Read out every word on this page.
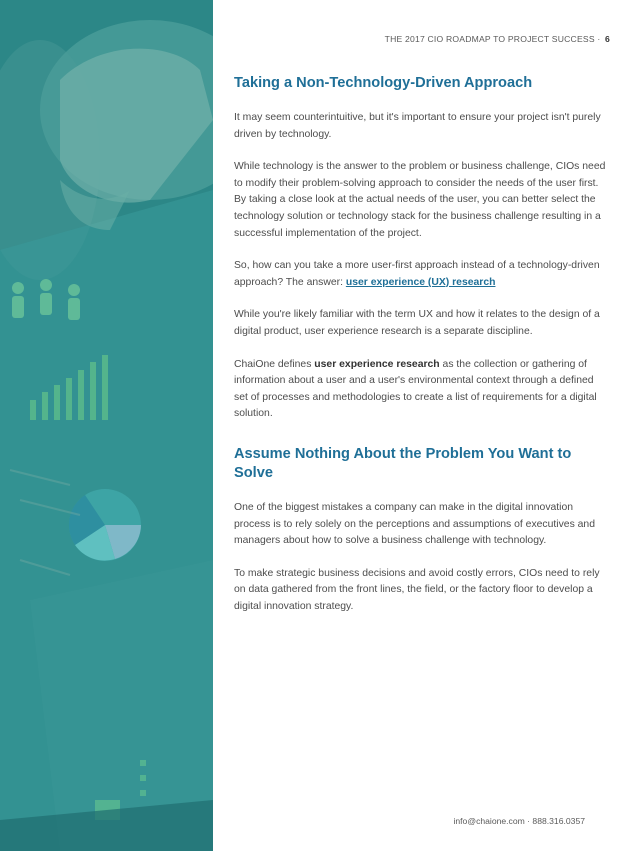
THE 2017 CIO ROADMAP TO PROJECT SUCCESS · 6
Taking a Non-Technology-Driven Approach

It may seem counterintuitive, but it's important to ensure your project isn't purely driven by technology.

While technology is the answer to the problem or business challenge, CIOs need to modify their problem-solving approach to consider the needs of the user first. By taking a close look at the actual needs of the user, you can better select the technology solution or technology stack for the business challenge resulting in a successful implementation of the project.

So, how can you take a more user-first approach instead of a technology-driven approach? The answer: user experience (UX) research

While you're likely familiar with the term UX and how it relates to the design of a digital product, user experience research is a separate discipline.

ChaiOne defines user experience research as the collection or gathering of information about a user and a user's environmental context through a defined set of processes and methodologies to create a list of requirements for a digital solution.

Assume Nothing About the Problem You Want to Solve

One of the biggest mistakes a company can make in the digital innovation process is to rely solely on the perceptions and assumptions of executives and managers about how to solve a business challenge with technology.

To make strategic business decisions and avoid costly errors, CIOs need to rely on data gathered from the front lines, the field, or the factory floor to develop a digital innovation strategy.

info@chaione.com · 888.316.0357
